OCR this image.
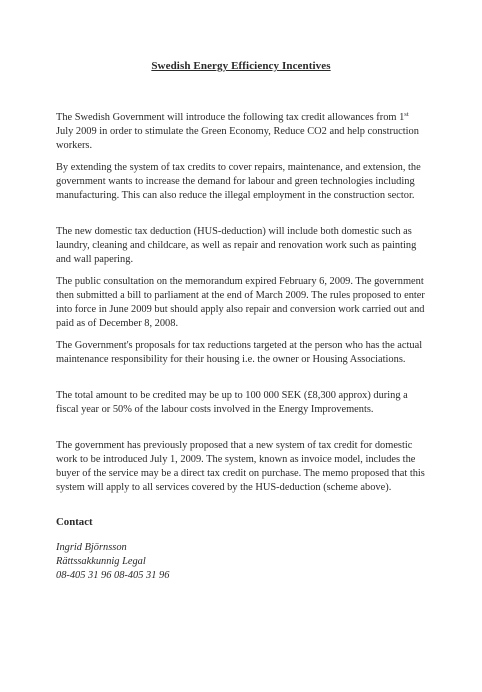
Swedish Energy Efficiency Incentives

The Swedish Government will introduce the following tax credit allowances from 1st July 2009 in order to stimulate the Green Economy, Reduce CO2 and help construction workers.

By extending the system of tax credits to cover repairs, maintenance, and extension, the government wants to increase the demand for labour and green technologies including manufacturing. This can also reduce the illegal employment in the construction sector.

The new domestic tax deduction (HUS-deduction) will include both domestic such as laundry, cleaning and childcare, as well as repair and renovation work such as painting and wall papering.

The public consultation on the memorandum expired February 6, 2009. The government then submitted a bill to parliament at the end of March 2009. The rules proposed to enter into force in June 2009 but should apply also repair and conversion work carried out and paid as of December 8, 2008.

The Government's proposals for tax reductions targeted at the person who has the actual maintenance responsibility for their housing i.e. the owner or Housing Associations.

The total amount to be credited may be up to 100 000 SEK (£8,300 approx) during a fiscal year or 50% of the labour costs involved in the Energy Improvements.

The government has previously proposed that a new system of tax credit for domestic work to be introduced July 1, 2009. The system, known as invoice model, includes the buyer of the service may be a direct tax credit on purchase. The memo proposed that this system will apply to all services covered by the HUS-deduction (scheme above).

Contact
Ingrid Björnsson
Rättssakkunnig Legal
08-405 31 96 08-405 31 96
